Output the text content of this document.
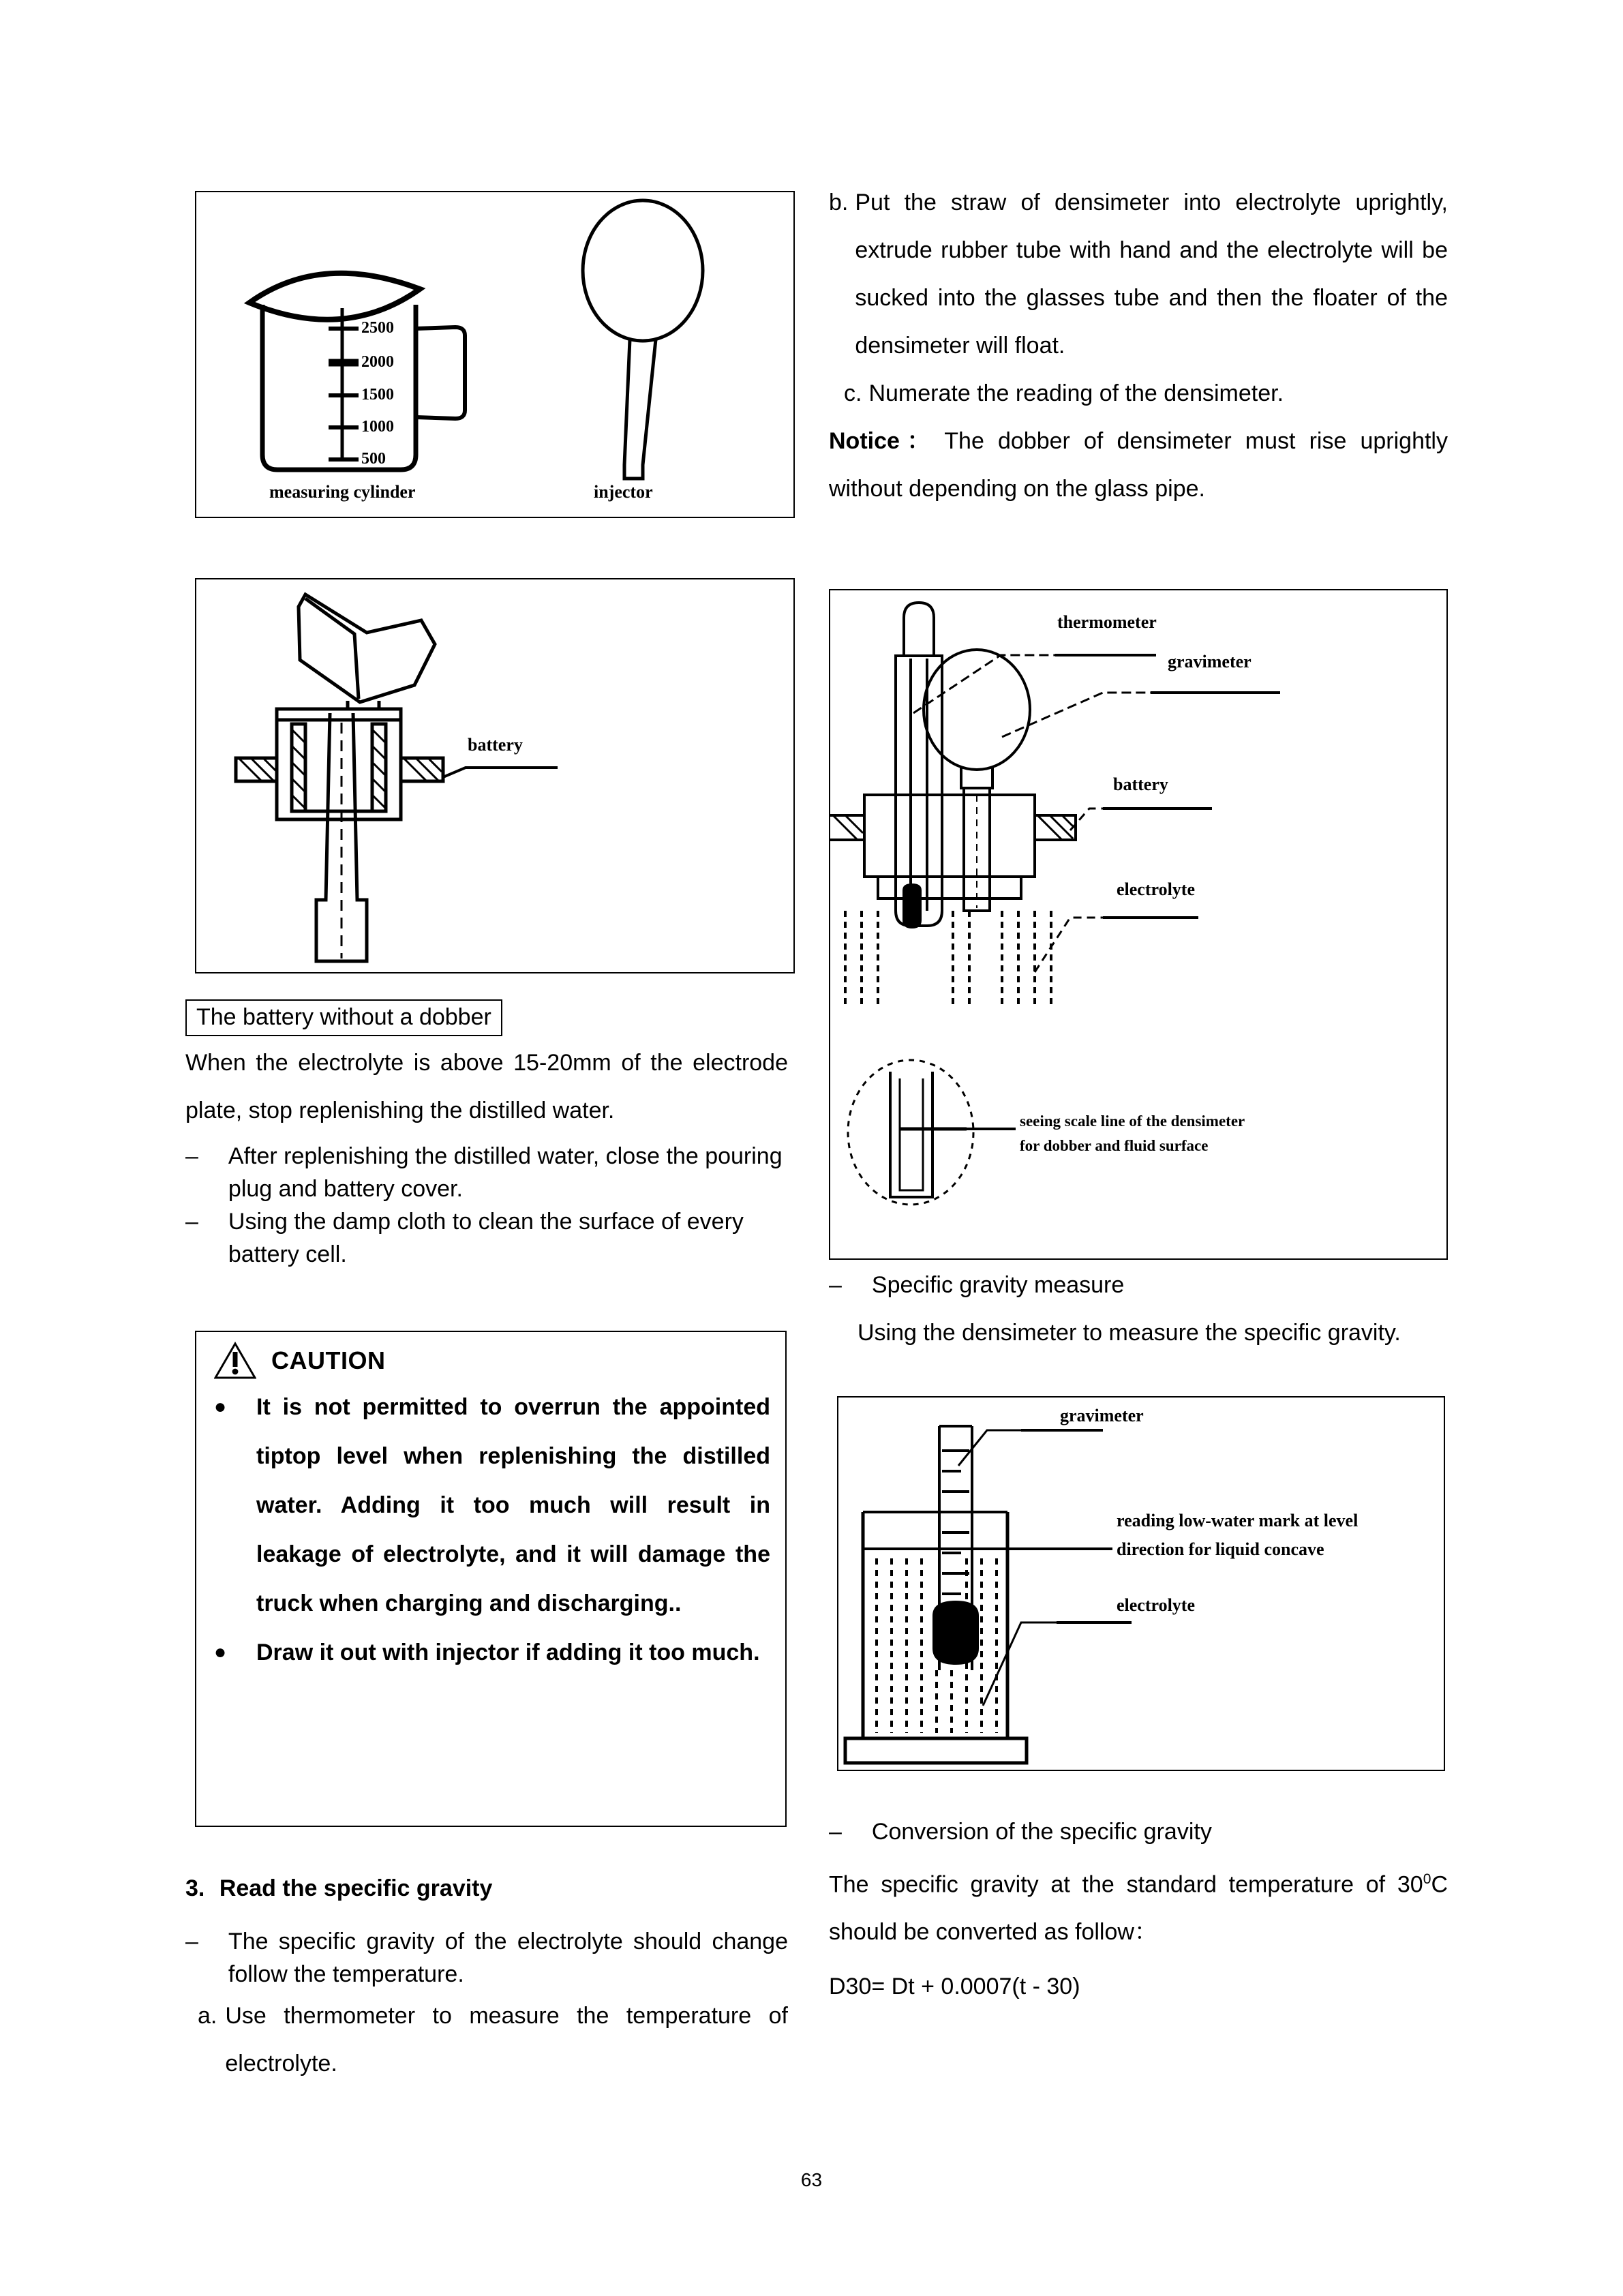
2500
2000
1500
1000
500
measuring cylinder	injector
battery
The battery without a dobber

When the electrolyte is above 15-20mm of the electrode plate, stop replenishing the distilled water.

– After replenishing the distilled water, close the pouring plug and battery cover.
– Using the damp cloth to clean the surface of every battery cell.
CAUTION
●	It is not permitted to overrun the appointed tiptop level when replenishing the distilled water. Adding it too much will result in leakage of electrolyte, and it will damage the truck when charging and discharging..
●	Draw it out with injector if adding it too much.
3. Read the specific gravity
– The specific gravity of the electrolyte should change follow the temperature.
a. Use thermometer to measure the temperature of electrolyte.
b. Put the straw of densimeter into electrolyte uprightly, extrude rubber tube with hand and the electrolyte will be sucked into the glasses tube and then the floater of the densimeter will float.
c. Numerate the reading of the densimeter.

Notice： The dobber of densimeter must rise uprightly without depending on the glass pipe.

thermometer
gravimeter
battery
electrolyte
seeing scale line of the densimeter
for dobber and fluid surface
– Specific gravity measure

Using the densimeter to measure the specific gravity.

gravimeter
reading low-water mark at level
direction for liquid concave
electrolyte
– Conversion of the specific gravity

The specific gravity at the standard temperature of $30^0C$ should be converted as follow：

D30= Dt + 0.0007(t - 30)

63
